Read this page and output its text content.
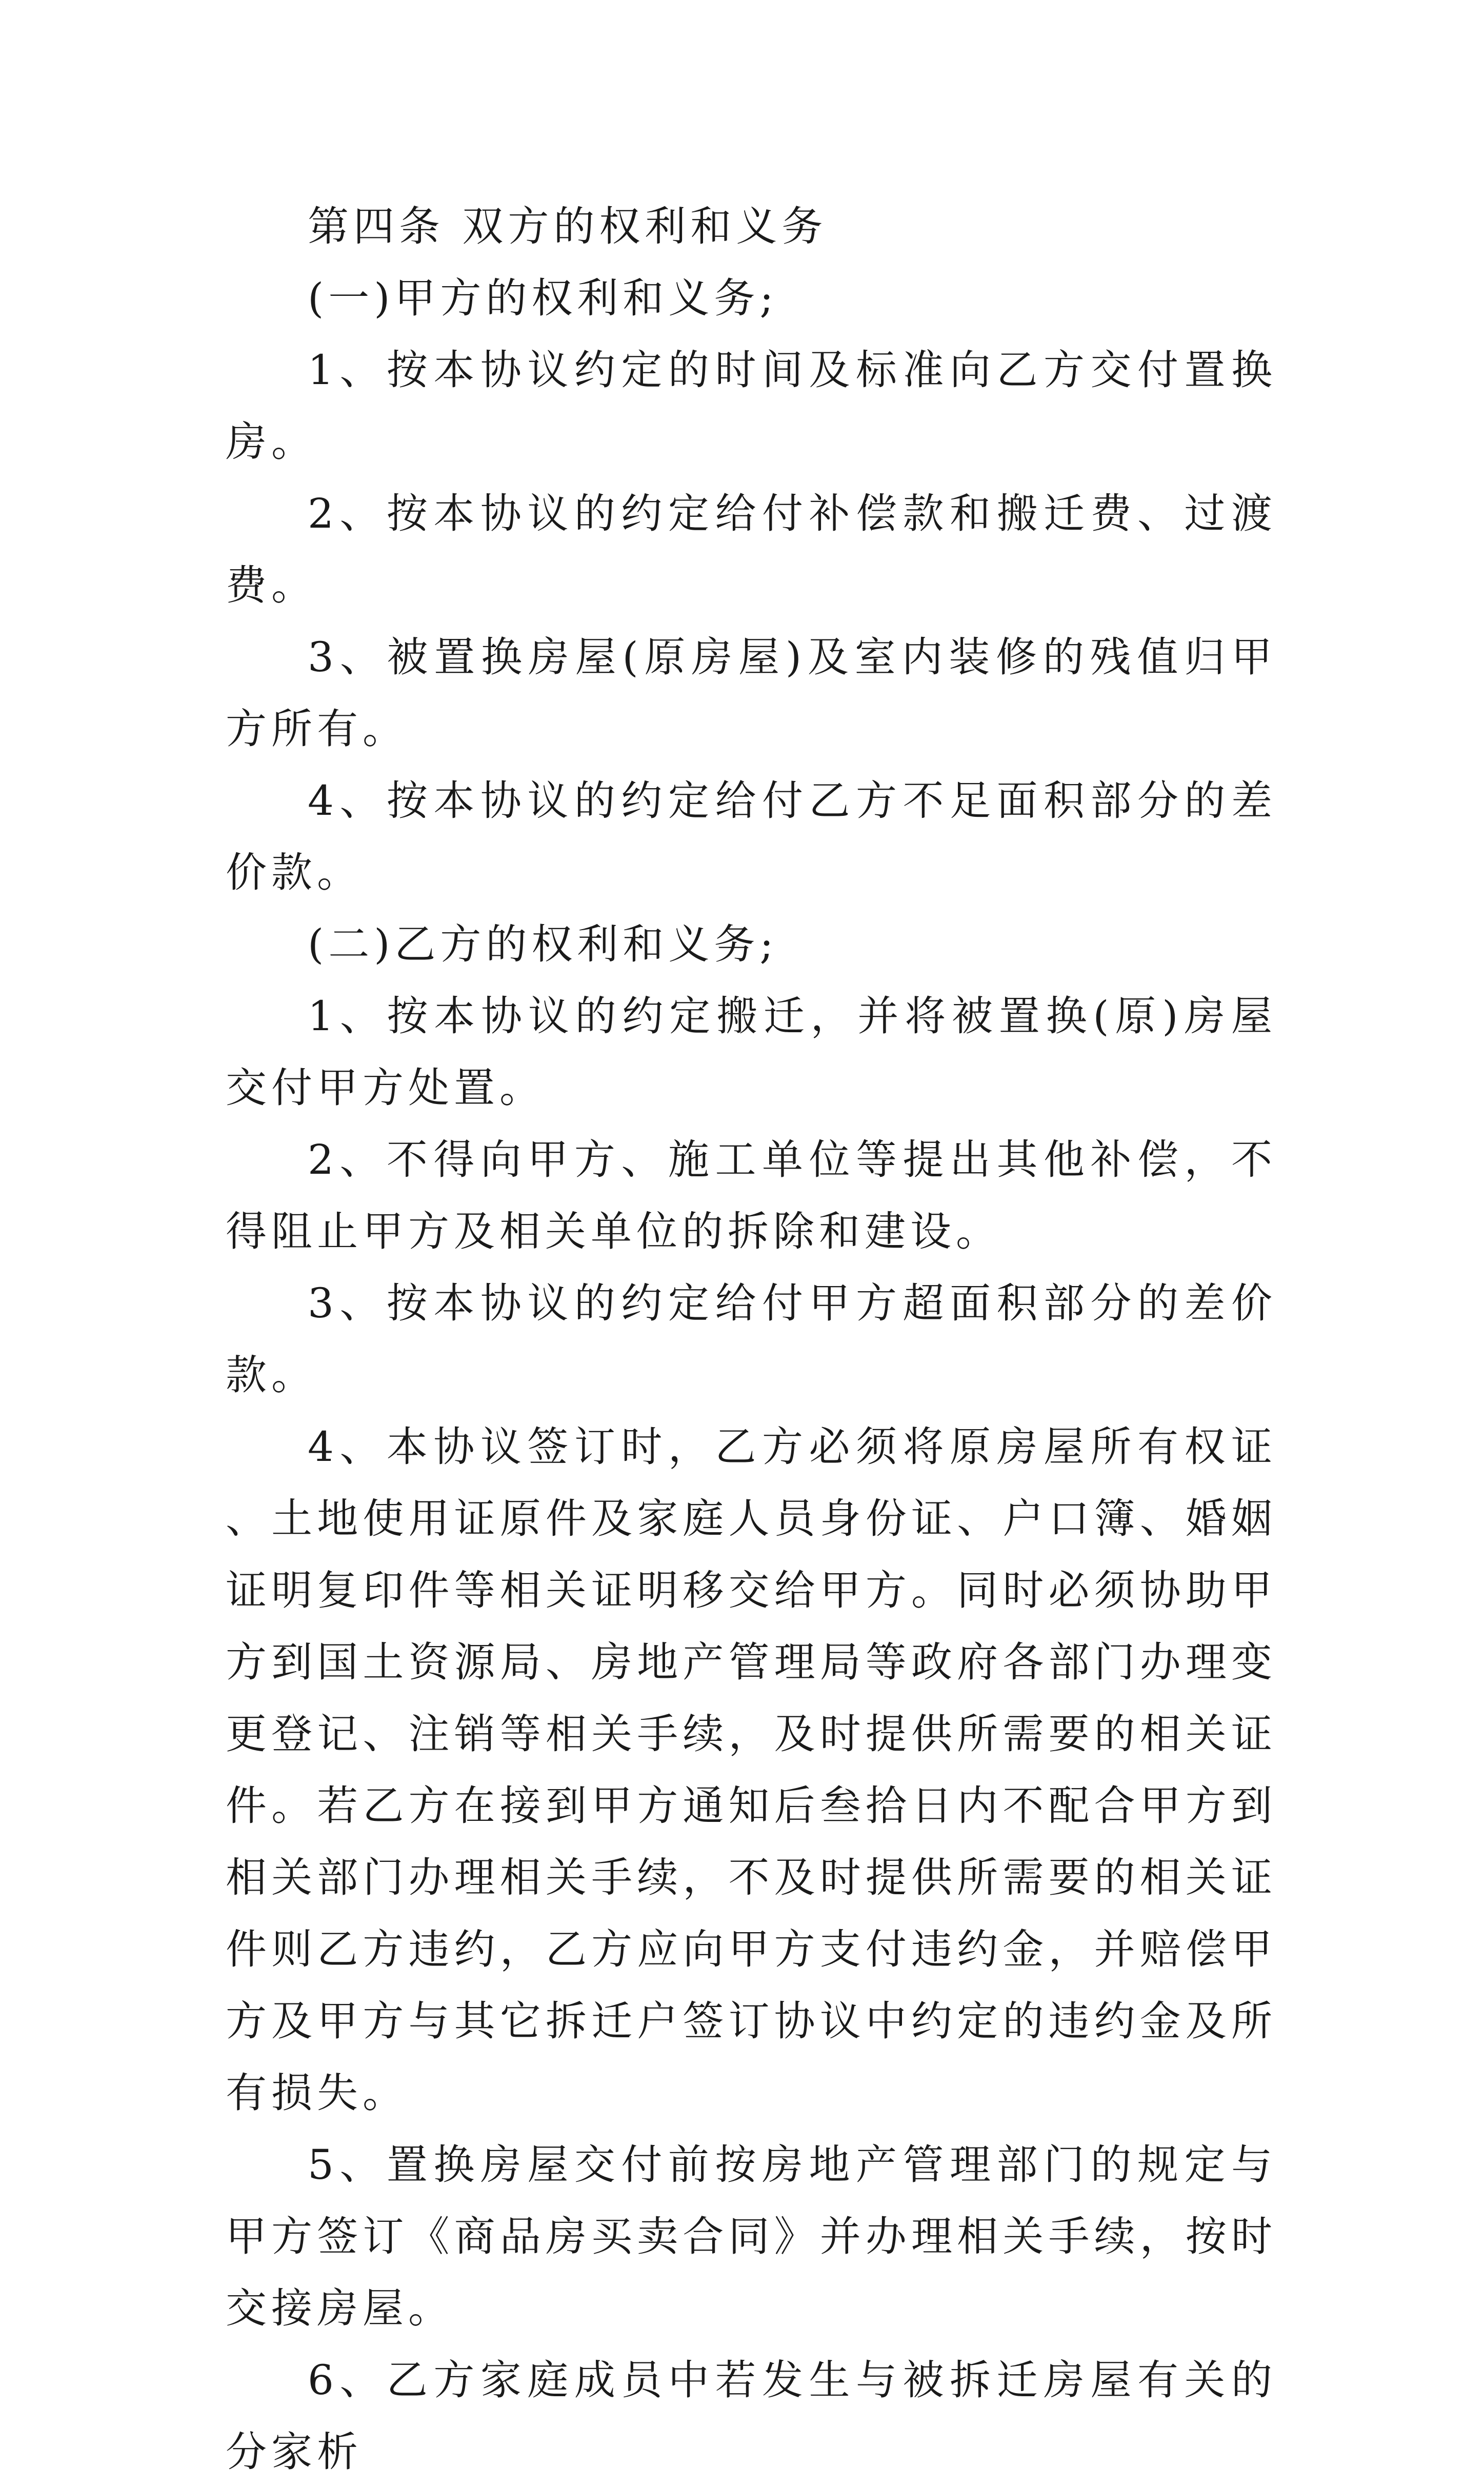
第四条 双方的权利和义务

(一)甲方的权利和义务;

1、按本协议约定的时间及标准向乙方交付置换房。

2、按本协议的约定给付补偿款和搬迁费、过渡费。

3、被置换房屋(原房屋)及室内装修的残值归甲方所有。

4、按本协议的约定给付乙方不足面积部分的差价款。

(二)乙方的权利和义务;

1、按本协议的约定搬迁，并将被置换(原)房屋交付甲方处置。

2、不得向甲方、施工单位等提出其他补偿，不得阻止甲方及相关单位的拆除和建设。

3、按本协议的约定给付甲方超面积部分的差价款。

4、本协议签订时，乙方必须将原房屋所有权证、土地使用证原件及家庭人员身份证、户口簿、婚姻证明复印件等相关证明移交给甲方。同时必须协助甲方到国土资源局、房地产管理局等政府各部门办理变更登记、注销等相关手续，及时提供所需要的相关证件。若乙方在接到甲方通知后叁拾日内不配合甲方到相关部门办理相关手续，不及时提供所需要的相关证件则乙方违约，乙方应向甲方支付违约金，并赔偿甲方及甲方与其它拆迁户签订协议中约定的违约金及所有损失。

5、置换房屋交付前按房地产管理部门的规定与甲方签订《商品房买卖合同》并办理相关手续，按时交接房屋。

6、乙方家庭成员中若发生与被拆迁房屋有关的分家析
